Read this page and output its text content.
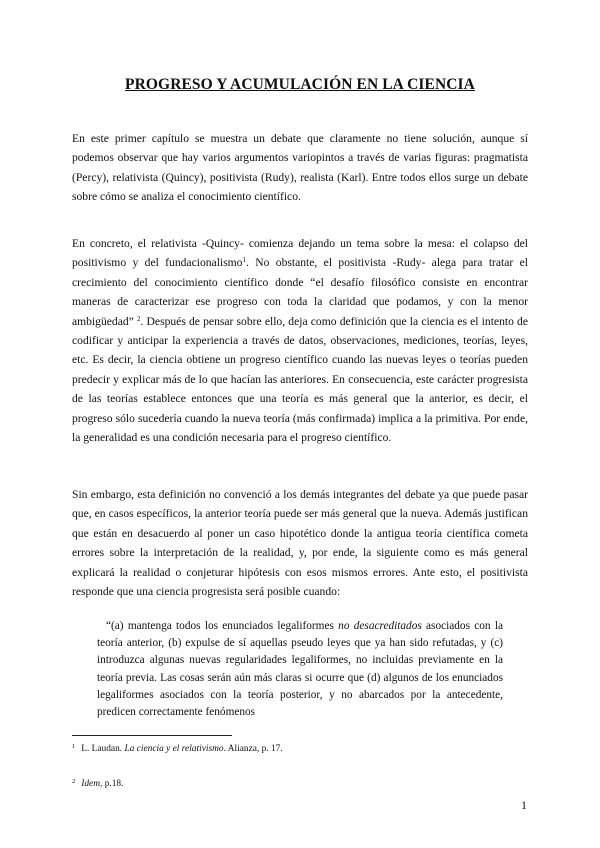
PROGRESO Y ACUMULACIÓN EN LA CIENCIA

En este primer capítulo se muestra un debate que claramente no tiene solución, aunque sí podemos observar que hay varios argumentos variopintos a través de varias figuras: pragmatista (Percy), relativista (Quincy), positivista (Rudy), realista (Karl). Entre todos ellos surge un debate sobre cómo se analiza el conocimiento científico.

En concreto, el relativista -Quincy- comienza dejando un tema sobre la mesa: el colapso del positivismo y del fundacionalismo$^1$. No obstante, el positivista -Rudy- alega para tratar el crecimiento del conocimiento científico donde “el desafío filosófico consiste en encontrar maneras de caracterizar ese progreso con toda la claridad que podamos, y con la menor ambigüedad” $^2$. Después de pensar sobre ello, deja como definición que la ciencia es el intento de codificar y anticipar la experiencia a través de datos, observaciones, mediciones, teorías, leyes, etc. Es decir, la ciencia obtiene un progreso científico cuando las nuevas leyes o teorías pueden predecir y explicar más de lo que hacían las anteriores. En consecuencia, este carácter progresista de las teorías establece entonces que una teoría es más general que la anterior, es decir, el progreso sólo sucedería cuando la nueva teoría (más confirmada) implica a la primitiva. Por ende, la generalidad es una condición necesaria para el progreso científico.

Sin embargo, esta definición no convenció a los demás integrantes del debate ya que puede pasar que, en casos específicos, la anterior teoría puede ser más general que la nueva. Además justifican que están en desacuerdo al poner un caso hipotético donde la antigua teoría científica cometa errores sobre la interpretación de la realidad, y, por ende, la siguiente como es más general explicará la realidad o conjeturar hipótesis con esos mismos errores. Ante esto, el positivista responde que una ciencia progresista será posible cuando:

“(a) mantenga todos los enunciados legaliformes no desacreditados asociados con la teoría anterior, (b) expulse de sí aquellas pseudo leyes que ya han sido refutadas, y (c) introduzca algunas nuevas regularidades legaliformes, no incluidas previamente en la teoría previa. Las cosas serán aún más claras si ocurre que (d) algunos de los enunciados legaliformes asociados con la teoría posterior, y no abarcados por la antecedente, predicen correctamente fenómenos

$^1$ L. Laudan. La ciencia y el relativismo. Alianza, p. 17.

$^2$ Idem, p.18.

1
